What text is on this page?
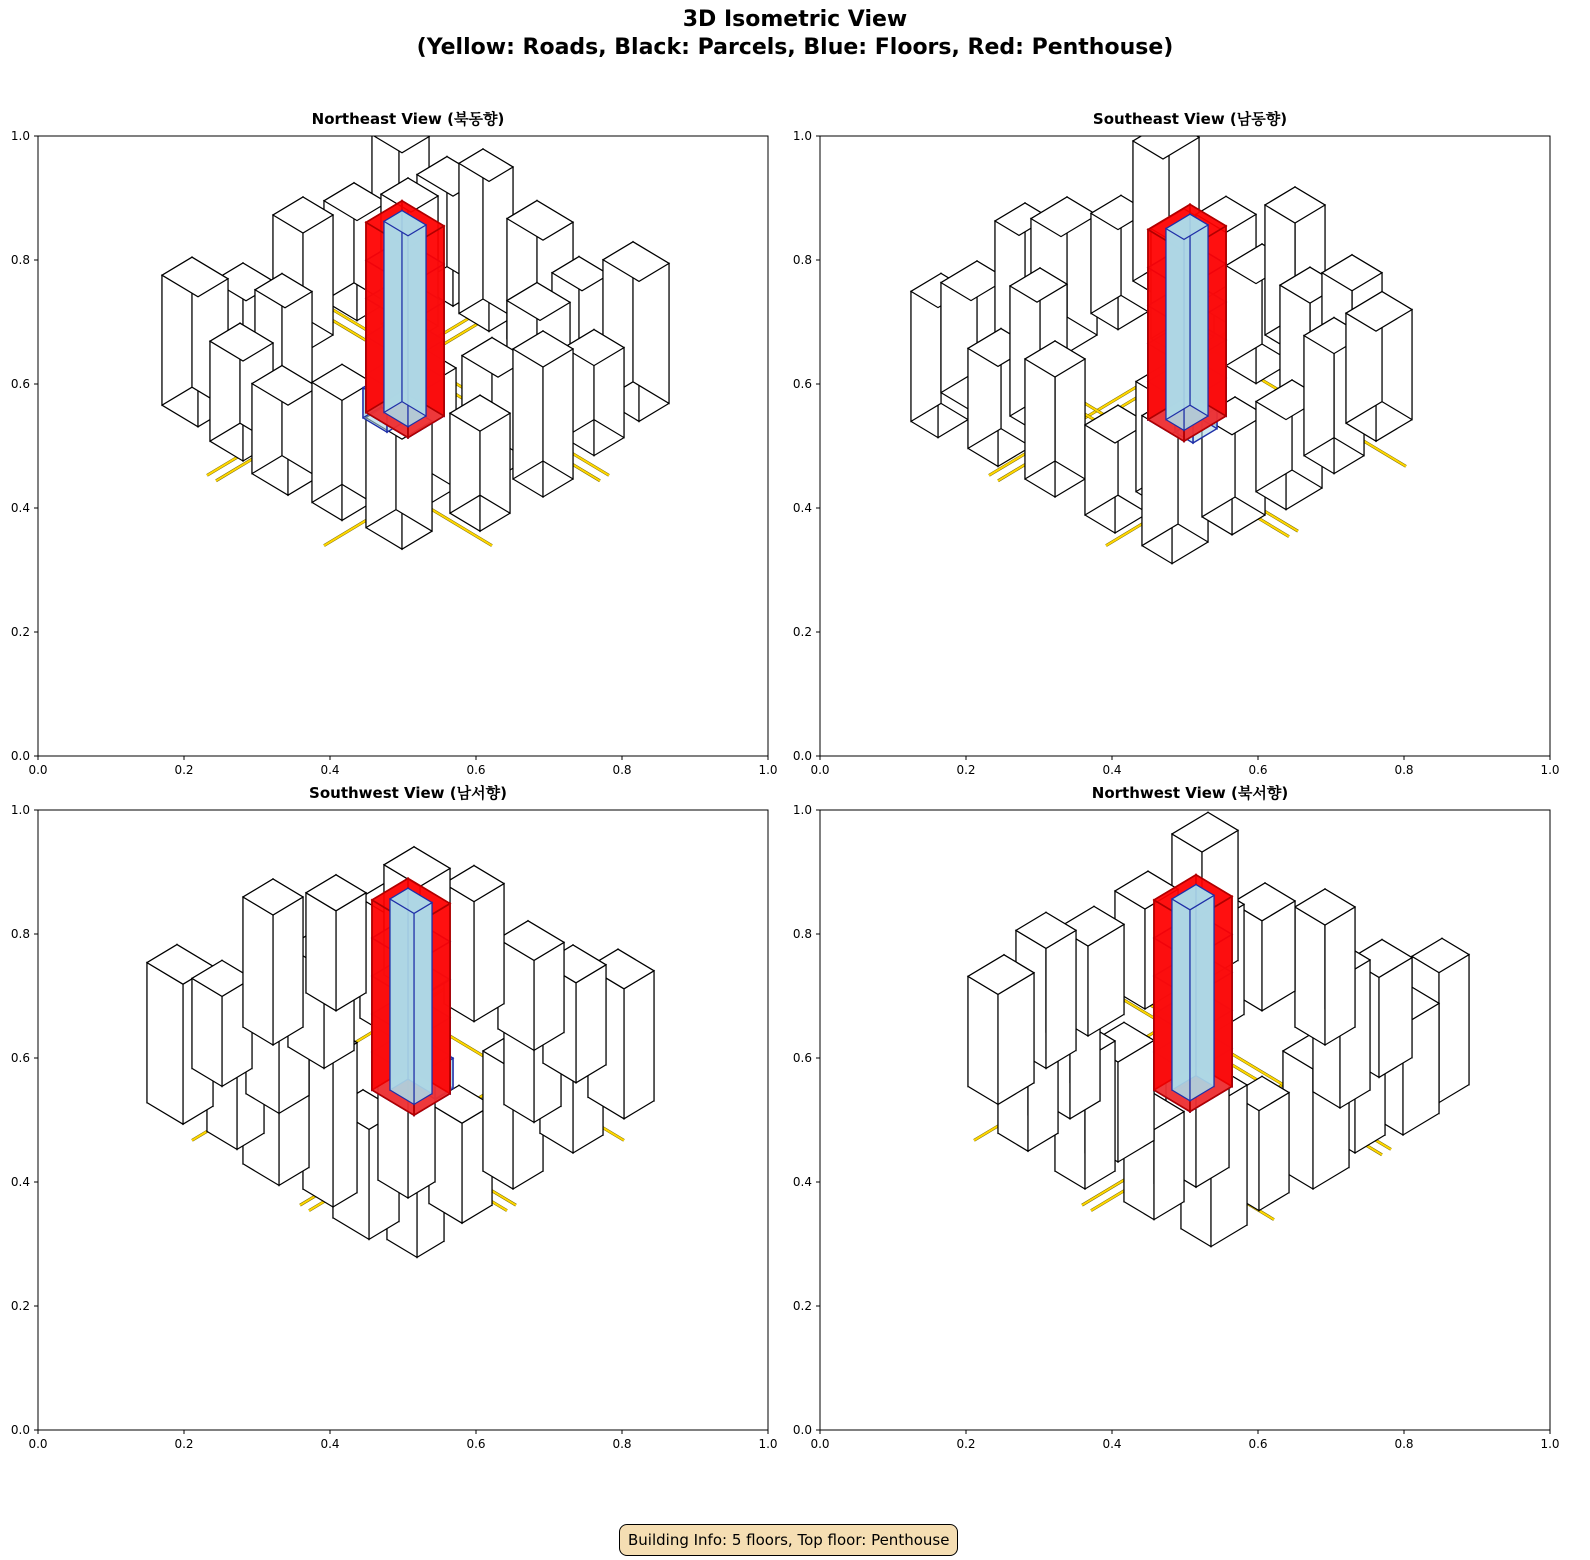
3D Isometric View
(Yellow: Roads, Black: Parcels, Blue: Floors, Red: Penthouse)
Northeast View (북동향)
0.0	0.2	0.4	0.6	0.8	1.0
0.0
0.2
0.4
0.6
0.8
1.0
Southeast View (남동향)
0.0	0.2	0.4	0.6	0.8	1.0
0.0
0.2
0.4
0.6
0.8
1.0
Southwest View (남서향)
0.0	0.2	0.4	0.6	0.8	1.0
0.0
0.2
0.4
0.6
0.8
1.0
Northwest View (북서향)
0.0	0.2	0.4	0.6	0.8	1.0
0.0
0.2
0.4
0.6
0.8
1.0
Building Info: 5 floors, Top floor: Penthouse
